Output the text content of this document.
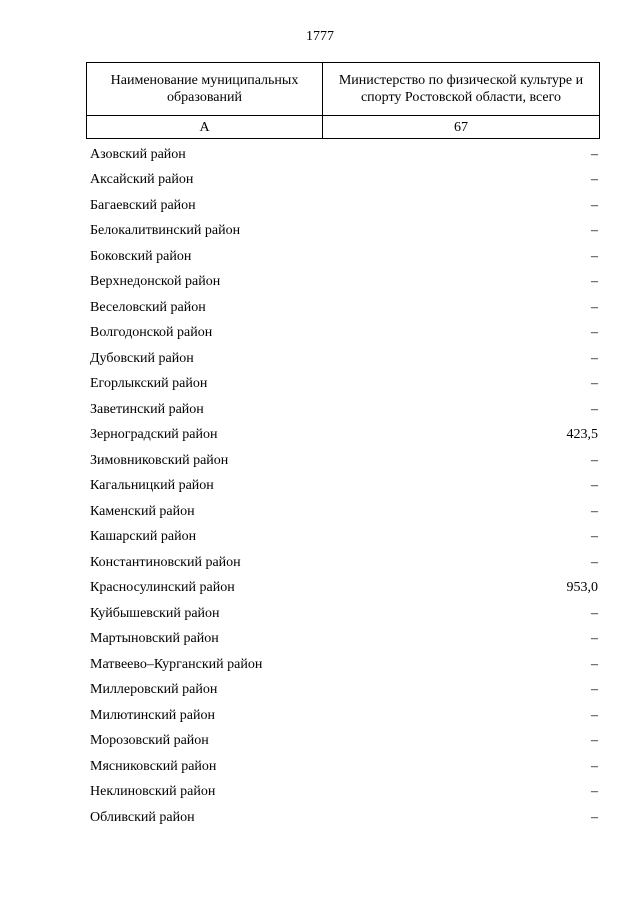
1777
Наименование муниципальных образований	Министерство по физической культуре и спорту Ростовской области, всего
А	67
Азовский район	–
Аксайский район	–
Багаевский район	–
Белокалитвинский район	–
Боковский район	–
Верхнедонской район	–
Веселовский район	–
Волгодонской район	–
Дубовский район	–
Егорлыкский район	–
Заветинский район	–
Зерноградский район	423,5
Зимовниковский район	–
Кагальницкий район	–
Каменский район	–
Кашарский район	–
Константиновский район	–
Красносулинский район	953,0
Куйбышевский район	–
Мартыновский район	–
Матвеево–Курганский район	–
Миллеровский район	–
Милютинский район	–
Морозовский район	–
Мясниковский район	–
Неклиновский район	–
Обливский район	–
